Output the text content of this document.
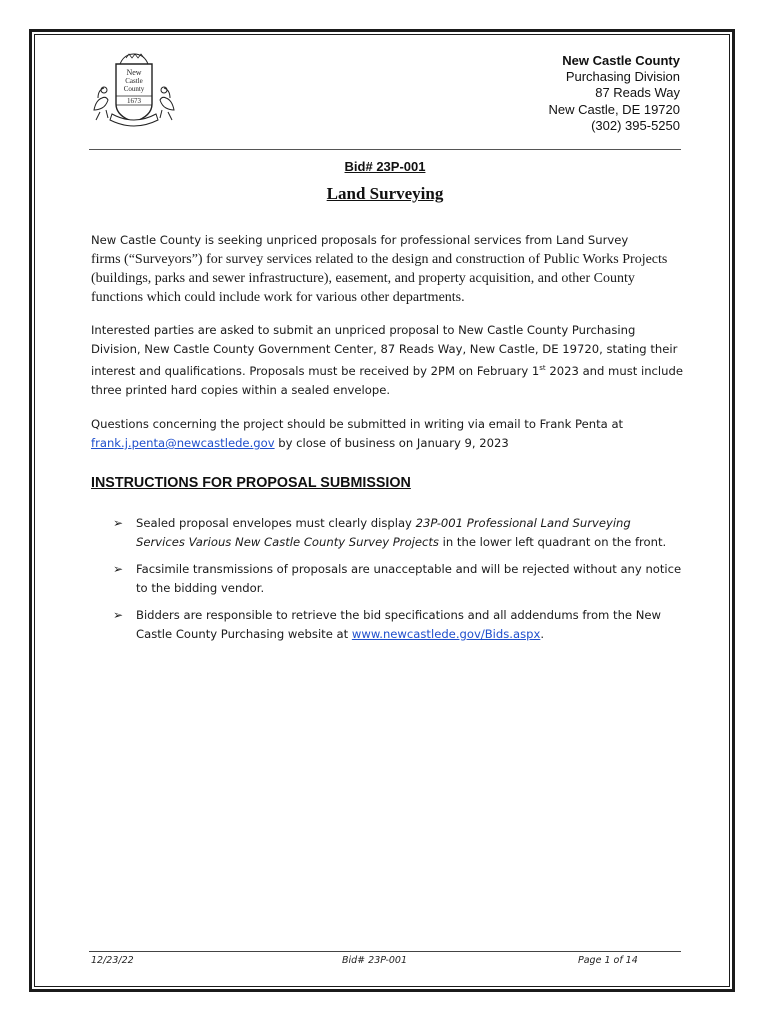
New
Castle
County
1673
New Castle County
Purchasing Division
87 Reads Way
New Castle, DE 19720
(302) 395-5250
Bid# 23P-001
Land Surveying
New Castle County is seeking unpriced proposals for professional services from Land Survey
firms (“Surveyors”) for survey services related to the design and construction of Public Works Projects (buildings, parks and sewer infrastructure), easement, and property acquisition, and other County functions which could include work for various other departments.
Interested parties are asked to submit an unpriced proposal to New Castle County Purchasing Division, New Castle County Government Center, 87 Reads Way, New Castle, DE 19720, stating their interest and qualifications. Proposals must be received by 2PM on February 1st 2023 and must include three printed hard copies within a sealed envelope.
Questions concerning the project should be submitted in writing via email to Frank Penta at
frank.j.penta@newcastlede.gov by close of business on January 9, 2023
INSTRUCTIONS FOR PROPOSAL SUBMISSION
➢ Sealed proposal envelopes must clearly display 23P-001 Professional Land Surveying Services Various New Castle County Survey Projects in the lower left quadrant on the front.
➢ Facsimile transmissions of proposals are unacceptable and will be rejected without any notice to the bidding vendor.
➢ Bidders are responsible to retrieve the bid specifications and all addendums from the New Castle County Purchasing website at www.newcastlede.gov/Bids.aspx.
12/23/22	Bid# 23P-001	Page 1 of 14
